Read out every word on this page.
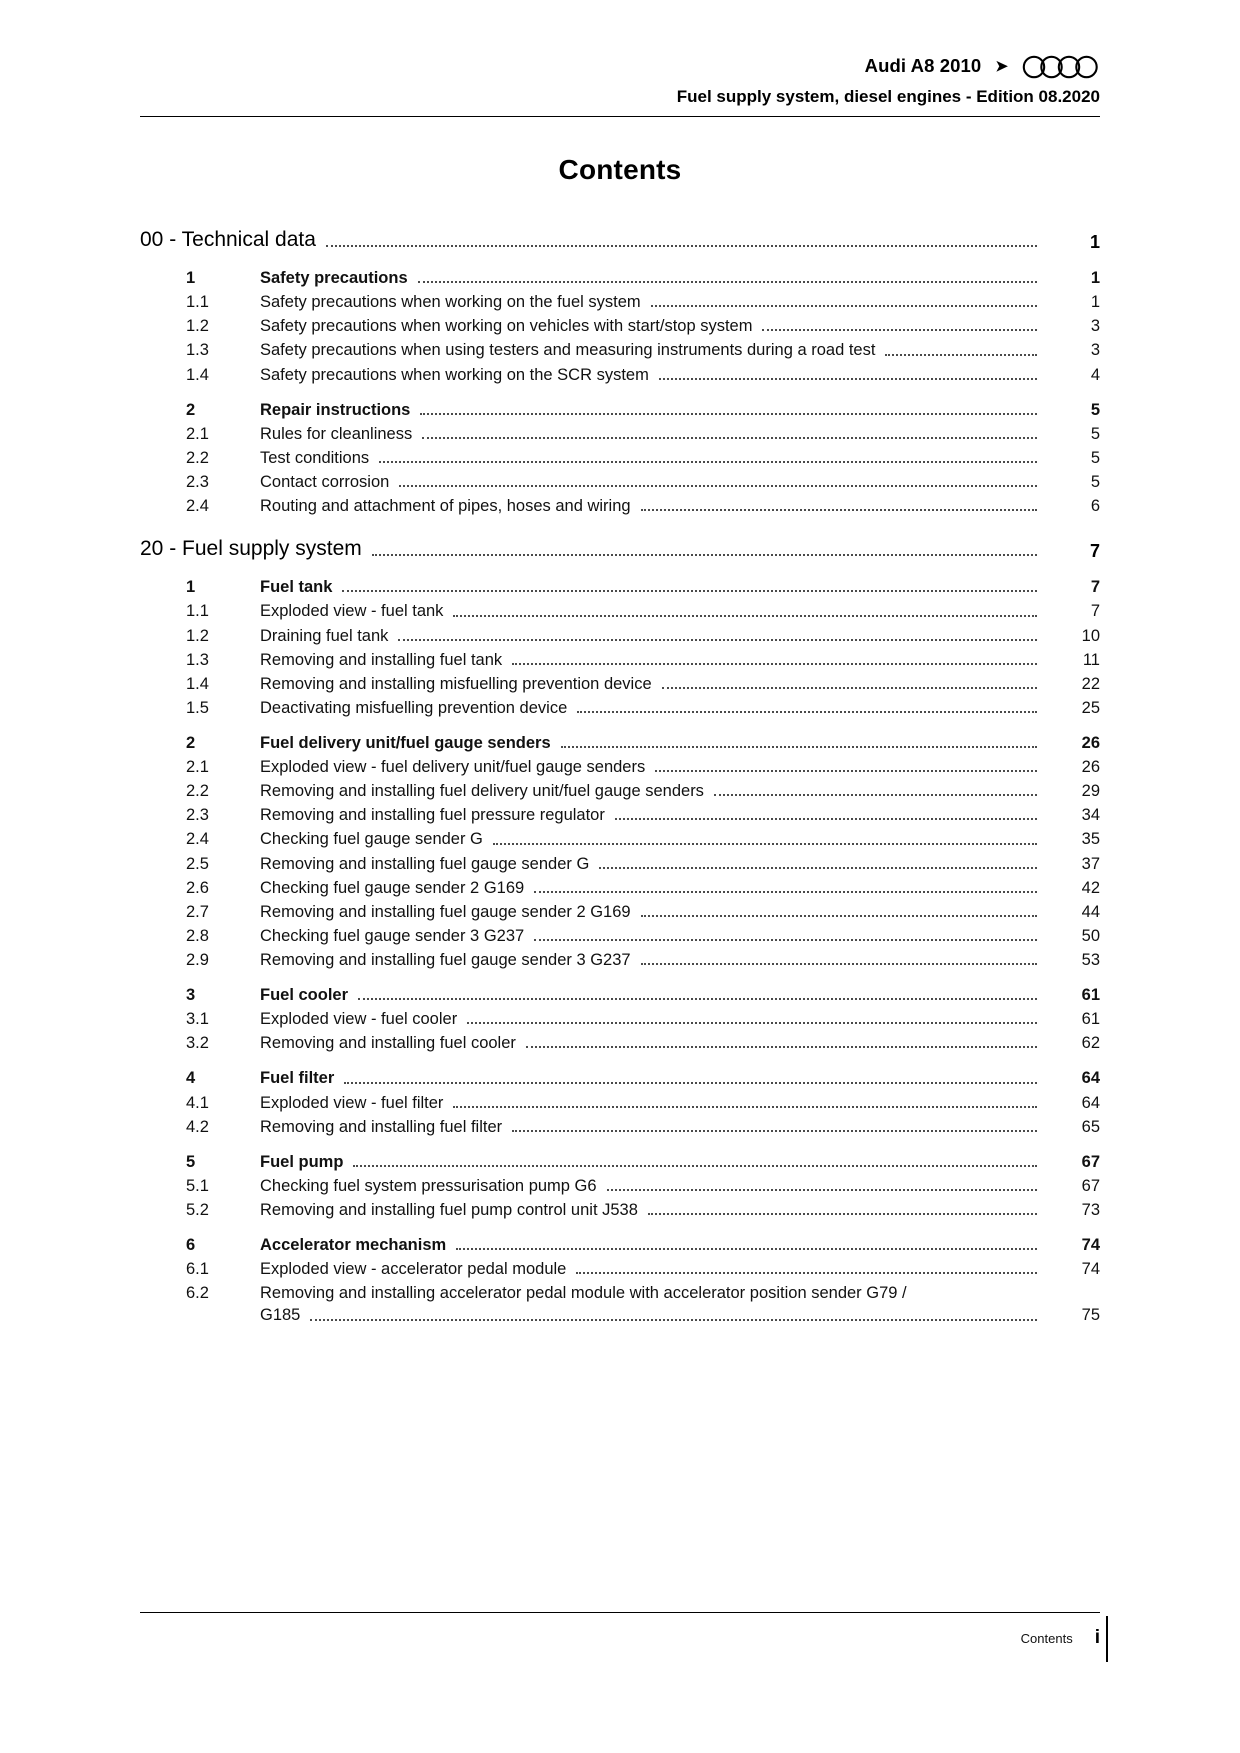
Audi A8 2010 ➤
Fuel supply system, diesel engines - Edition 08.2020
Contents
00 - Technical data	1
1	Safety precautions	1
1.1	Safety precautions when working on the fuel system	1
1.2	Safety precautions when working on vehicles with start/stop system	3
1.3	Safety precautions when using testers and measuring instruments during a road test	3
1.4	Safety precautions when working on the SCR system	4
2	Repair instructions	5
2.1	Rules for cleanliness	5
2.2	Test conditions	5
2.3	Contact corrosion	5
2.4	Routing and attachment of pipes, hoses and wiring	6
20 - Fuel supply system	7
1	Fuel tank	7
1.1	Exploded view - fuel tank	7
1.2	Draining fuel tank	10
1.3	Removing and installing fuel tank	11
1.4	Removing and installing misfuelling prevention device	22
1.5	Deactivating misfuelling prevention device	25
2	Fuel delivery unit/fuel gauge senders	26
2.1	Exploded view - fuel delivery unit/fuel gauge senders	26
2.2	Removing and installing fuel delivery unit/fuel gauge senders	29
2.3	Removing and installing fuel pressure regulator	34
2.4	Checking fuel gauge sender G	35
2.5	Removing and installing fuel gauge sender G	37
2.6	Checking fuel gauge sender 2 G169	42
2.7	Removing and installing fuel gauge sender 2 G169	44
2.8	Checking fuel gauge sender 3 G237	50
2.9	Removing and installing fuel gauge sender 3 G237	53
3	Fuel cooler	61
3.1	Exploded view - fuel cooler	61
3.2	Removing and installing fuel cooler	62
4	Fuel filter	64
4.1	Exploded view - fuel filter	64
4.2	Removing and installing fuel filter	65
5	Fuel pump	67
5.1	Checking fuel system pressurisation pump G6	67
5.2	Removing and installing fuel pump control unit J538	73
6	Accelerator mechanism	74
6.1	Exploded view - accelerator pedal module	74
6.2	Removing and installing accelerator pedal module with accelerator position sender G79 /
G185	75
Contents i
